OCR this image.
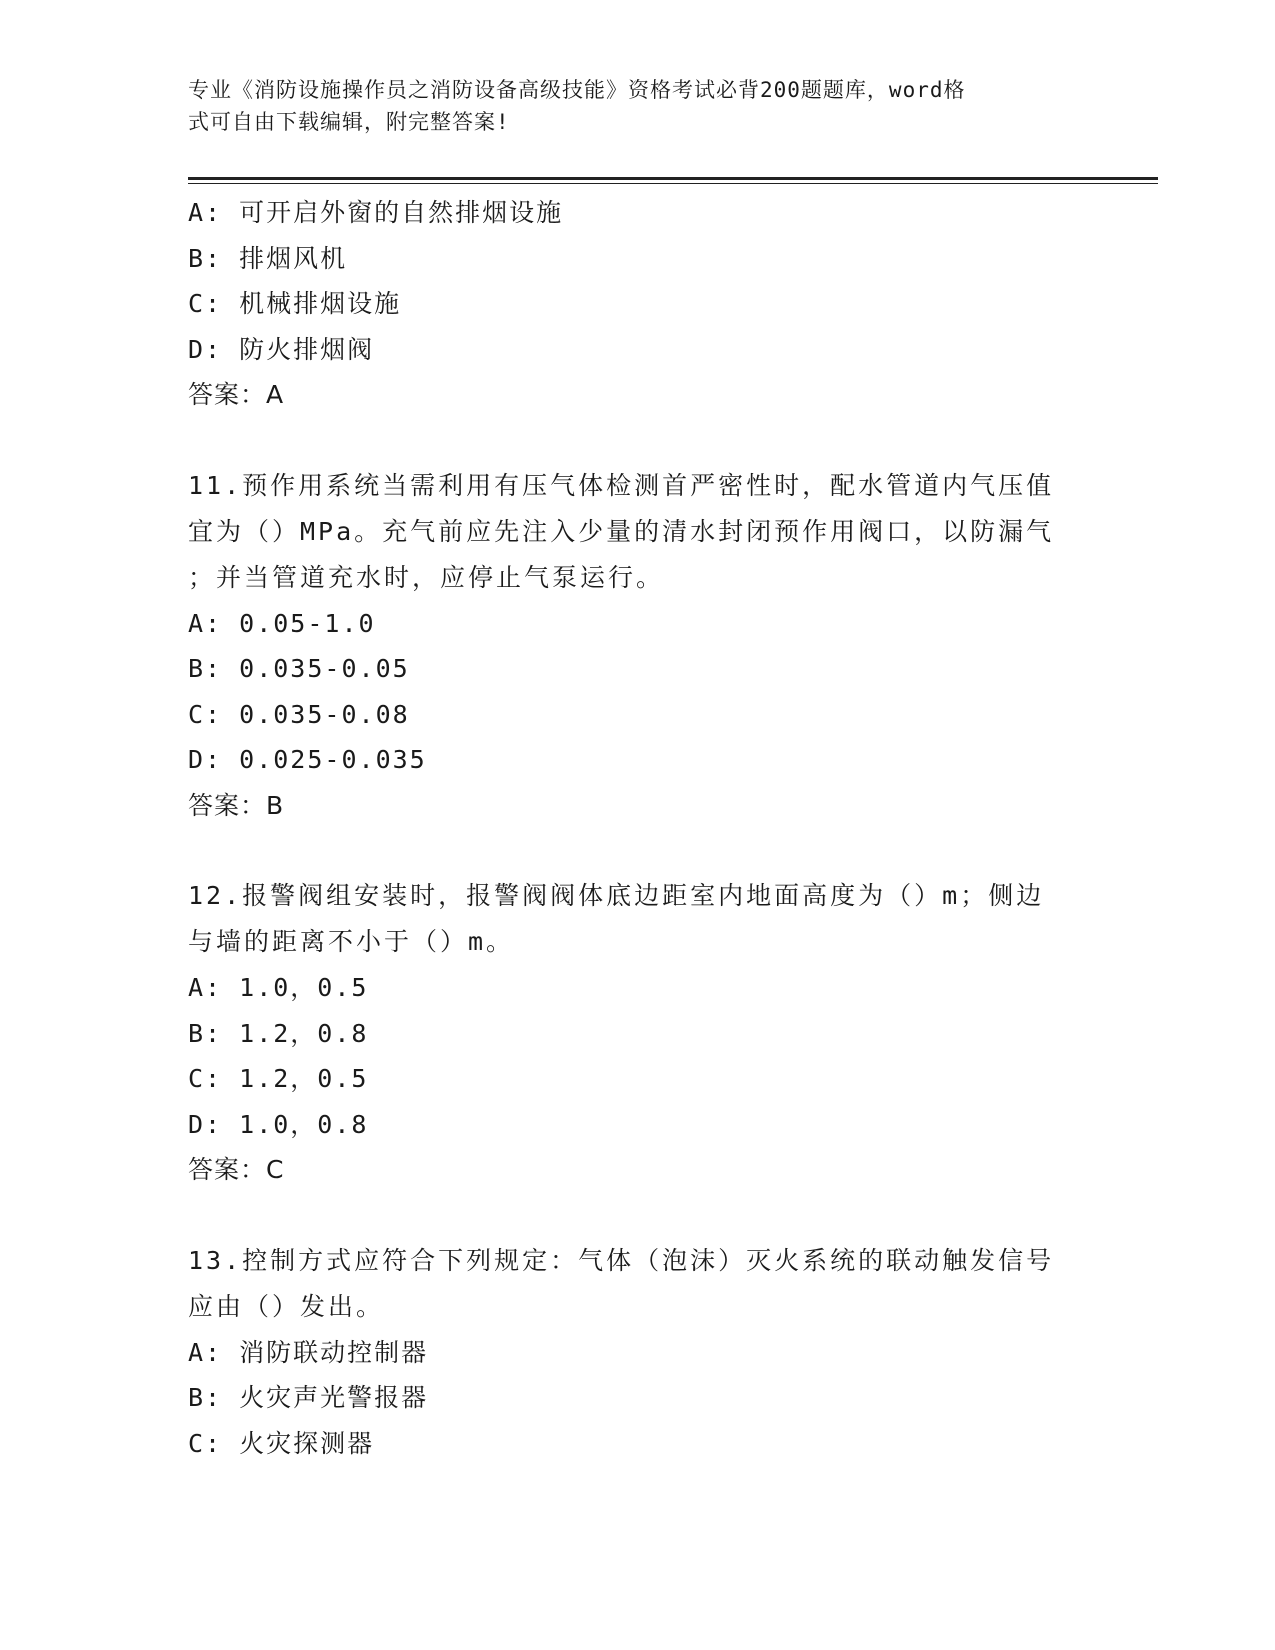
专业《消防设施操作员之消防设备高级技能》资格考试必背200题题库，word格
式可自由下载编辑，附完整答案!
A: 可开启外窗的自然排烟设施
B: 排烟风机
C: 机械排烟设施
D: 防火排烟阀
答案：A
11.预作用系统当需利用有压气体检测首严密性时，配水管道内气压值
宜为（）MPa。充气前应先注入少量的清水封闭预作用阀口，以防漏气
；并当管道充水时，应停止气泵运行。
A: 0.05-1.0
B: 0.035-0.05
C: 0.035-0.08
D: 0.025-0.035
答案：B
12.报警阀组安装时，报警阀阀体底边距室内地面高度为（）m；侧边
与墙的距离不小于（）m。
A: 1.0，0.5
B: 1.2，0.8
C: 1.2，0.5
D: 1.0，0.8
答案：C
13.控制方式应符合下列规定：气体（泡沫）灭火系统的联动触发信号
应由（）发出。
A: 消防联动控制器
B: 火灾声光警报器
C: 火灾探测器
